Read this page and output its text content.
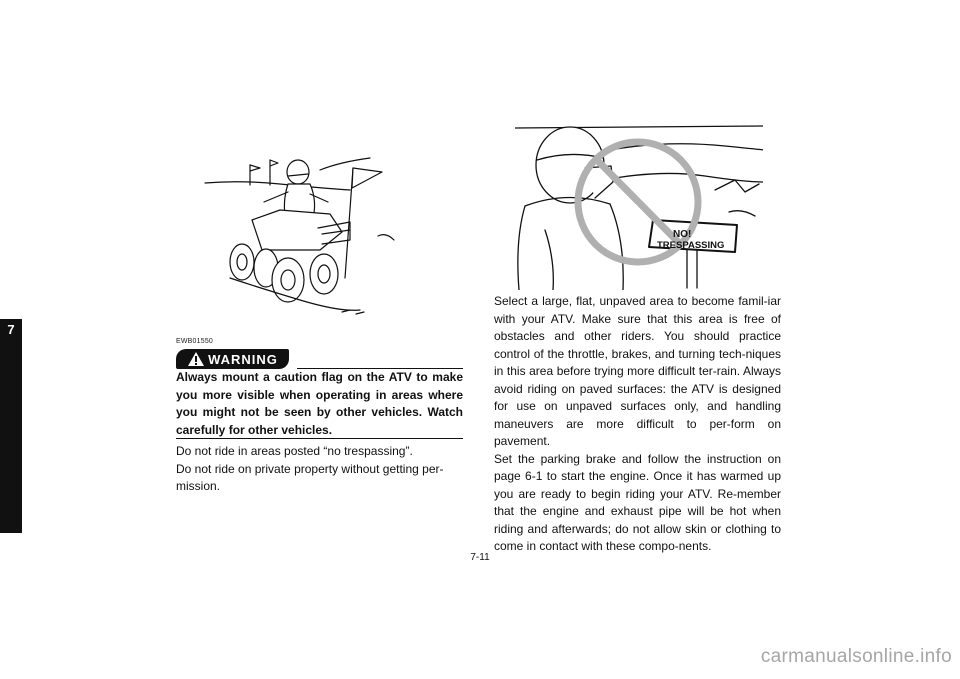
7
NO!
TRESPASSING
EWB01550
WARNING
Always mount a caution flag on the ATV to make you more visible when operating in areas where you might not be seen by other vehicles. Watch carefully for other vehicles.

Do not ride in areas posted “no trespassing”.

Do not ride on private property without getting per-mission.

Select a large, flat, unpaved area to become famil-iar with your ATV. Make sure that this area is free of obstacles and other riders. You should practice control of the throttle, brakes, and turning tech-niques in this area before trying more difficult ter-rain. Always avoid riding on paved surfaces: the ATV is designed for use on unpaved surfaces only, and handling maneuvers are more difficult to per-form on pavement.

Set the parking brake and follow the instruction on page 6-1 to start the engine. Once it has warmed up you are ready to begin riding your ATV. Re-member that the engine and exhaust pipe will be hot when riding and afterwards; do not allow skin or clothing to come in contact with these compo-nents.

7-11
carmanualsonline.info
